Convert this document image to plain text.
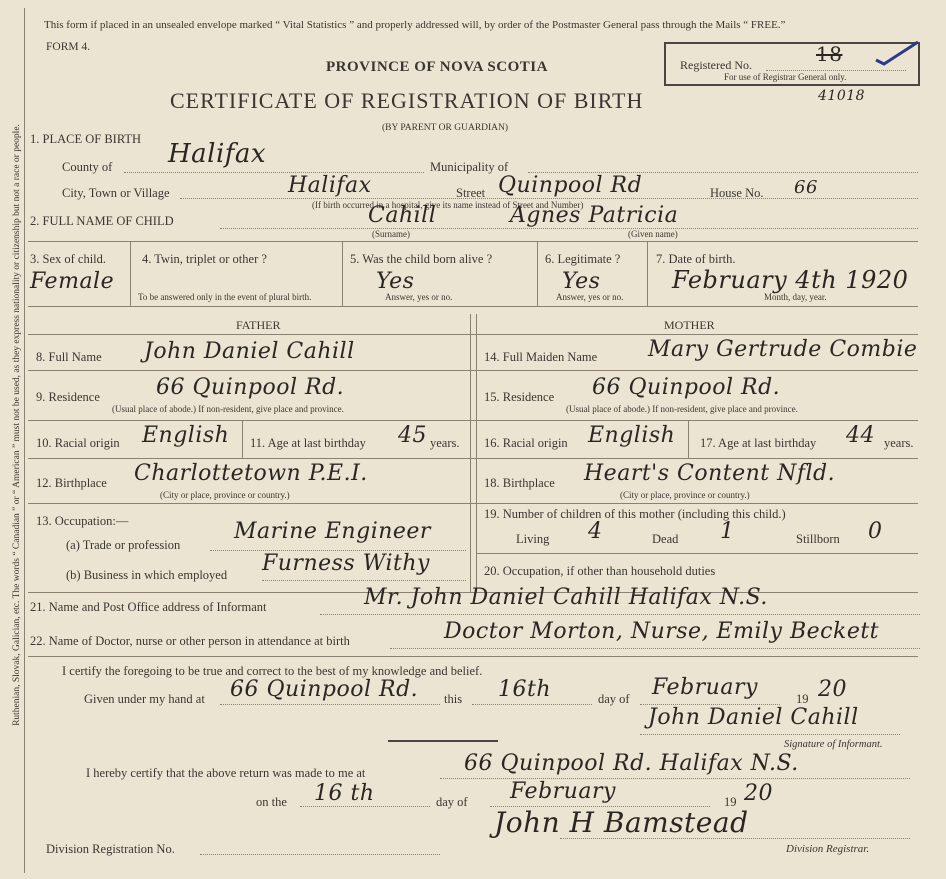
Ruthenian, Slovak, Galician, etc. The words “ Canadian ” or “ American ” must not be used, as they express nationality or citizenship but not a race or people.
This form if placed in an unsealed envelope marked “ Vital Statistics ” and properly addressed will, by order of the Postmaster General pass through the Mails “ FREE.”
FORM 4.
PROVINCE OF NOVA SCOTIA
CERTIFICATE OF REGISTRATION OF BIRTH
(BY PARENT OR GUARDIAN)
Registered No.
For use of Registrar General only.
18
41018
1. PLACE OF BIRTH
County of Halifax	Municipality of
City, Town or Village	Halifax	Street Quinpool Rd	House No. 66
(If birth occurred in a hospital, give its name instead of Street and Number)
2. FULL NAME OF CHILD	Cahill	Agnes Patricia
(Surname)	(Given name)
3. Sex of child.
Female
4. Twin, triplet or other ?
To be answered only in the event of plural birth.
5. Was the child born alive ?
Yes
Answer, yes or no.
6. Legitimate ?
Yes
Answer, yes or no.
7. Date of birth.
February 4th 1920
Month, day, year.
FATHER	MOTHER
8. Full Name John Daniel Cahill
9. Residence	66 Quinpool Rd.
(Usual place of abode.) If non-resident, give place and province.
10. Racial origin English 11. Age at last birthday 45 years.
12. Birthplace Charlottetown P.E.I.
(City or place, province or country.)
13. Occupation:—
(a) Trade or profession
Marine Engineer
(b) Business in which employed Furness Withy
14. Full Maiden Name Mary Gertrude Combie
15. Residence 66 Quinpool Rd.
(Usual place of abode.) If non-resident, give place and province.
16. Racial origin English 17. Age at last birthday 44 years.
18. Birthplace Heart's Content Nfld.
(City or place, province or country.)
19. Number of children of this mother (including this child.)
Living 4	Dead 1	Stillborn 0
20. Occupation, if other than household duties
21. Name and Post Office address of Informant	Mr. John Daniel Cahill Halifax N.S.
22. Name of Doctor, nurse or other person in attendance at birth	Doctor Morton, Nurse, Emily Beckett
I certify the foregoing to be true and correct to the best of my knowledge and belief.
Given under my hand at 66 Quinpool Rd. this 16th	day of February	19 20
John Daniel Cahill
Signature of Informant.
I hereby certify that the above return was made to me at	66 Quinpool Rd. Halifax N.S.
on the 16 th	day of February	19 20
Division Registration No.
John H Bamstead
Division Registrar.
